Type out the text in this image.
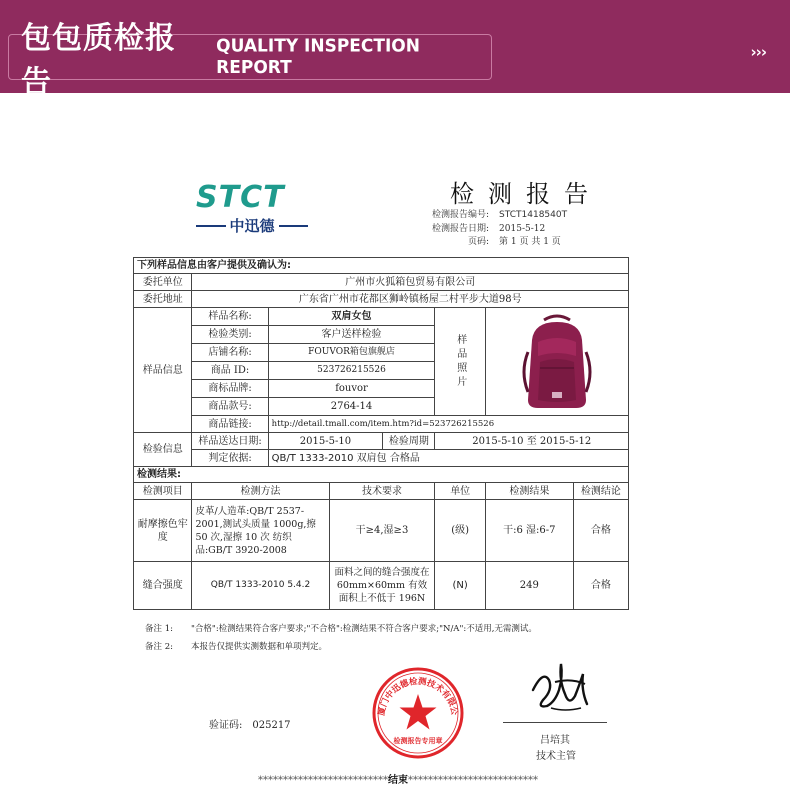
包包质检报告
QUALITY INSPECTION REPORT
›››
STCT
中迅德
检测报告
检测报告编号: STCT1418540T
检测报告日期: 2015-5-12
页码: 第 1 页 共 1 页
下列样品信息由客户提供及确认为:							
委托单位	广州市火狐箱包贸易有限公司						
委托地址	广东省广州市花都区狮岭镇杨屋二村平步大道98号						
样品信息	样品名称:	双肩女包			样品照片	

	检验类别:	客户送样检验					
	店铺名称:	FOUVOR箱包旗舰店					
	商品 ID:	523726215526					
	商标品牌:	fouvor					
	商品款号:	2764-14					
	商品链接:	http://detail.tmall.com/item.htm?id=523726215526					
检验信息	样品送达日期:	2015-5-10		检验周期	2015-5-10 至 2015-5-12		
	判定依据:	QB/T 1333-2010 双肩包 合格品					
检测结果:							
检测项目	检测方法		技术要求		单位	检测结果	检测结论
耐摩擦色牢度	皮革/人造革:QB/T 2537-2001,测试头质量 1000g,擦 50 次,湿擦 10 次 纺织品:GB/T 3920-2008		干≥4,湿≥3		(级)	干:6 湿:6-7	合格
缝合强度	QB/T 1333-2010 5.4.2		面料之间的缝合强度在 60mm×60mm 有效面积上不低于 196N		(N)	249	合格
备注 1: "合格":检测结果符合客户要求;"不合格":检测结果不符合客户要求;"N/A":不适用,无需测试。
备注 2: 本报告仅提供实测数据和单项判定。
验证码: 025217
厦门中迅德检测技术有限公
检测报告专用章	吕培其
技术主管
**************************结束**************************
